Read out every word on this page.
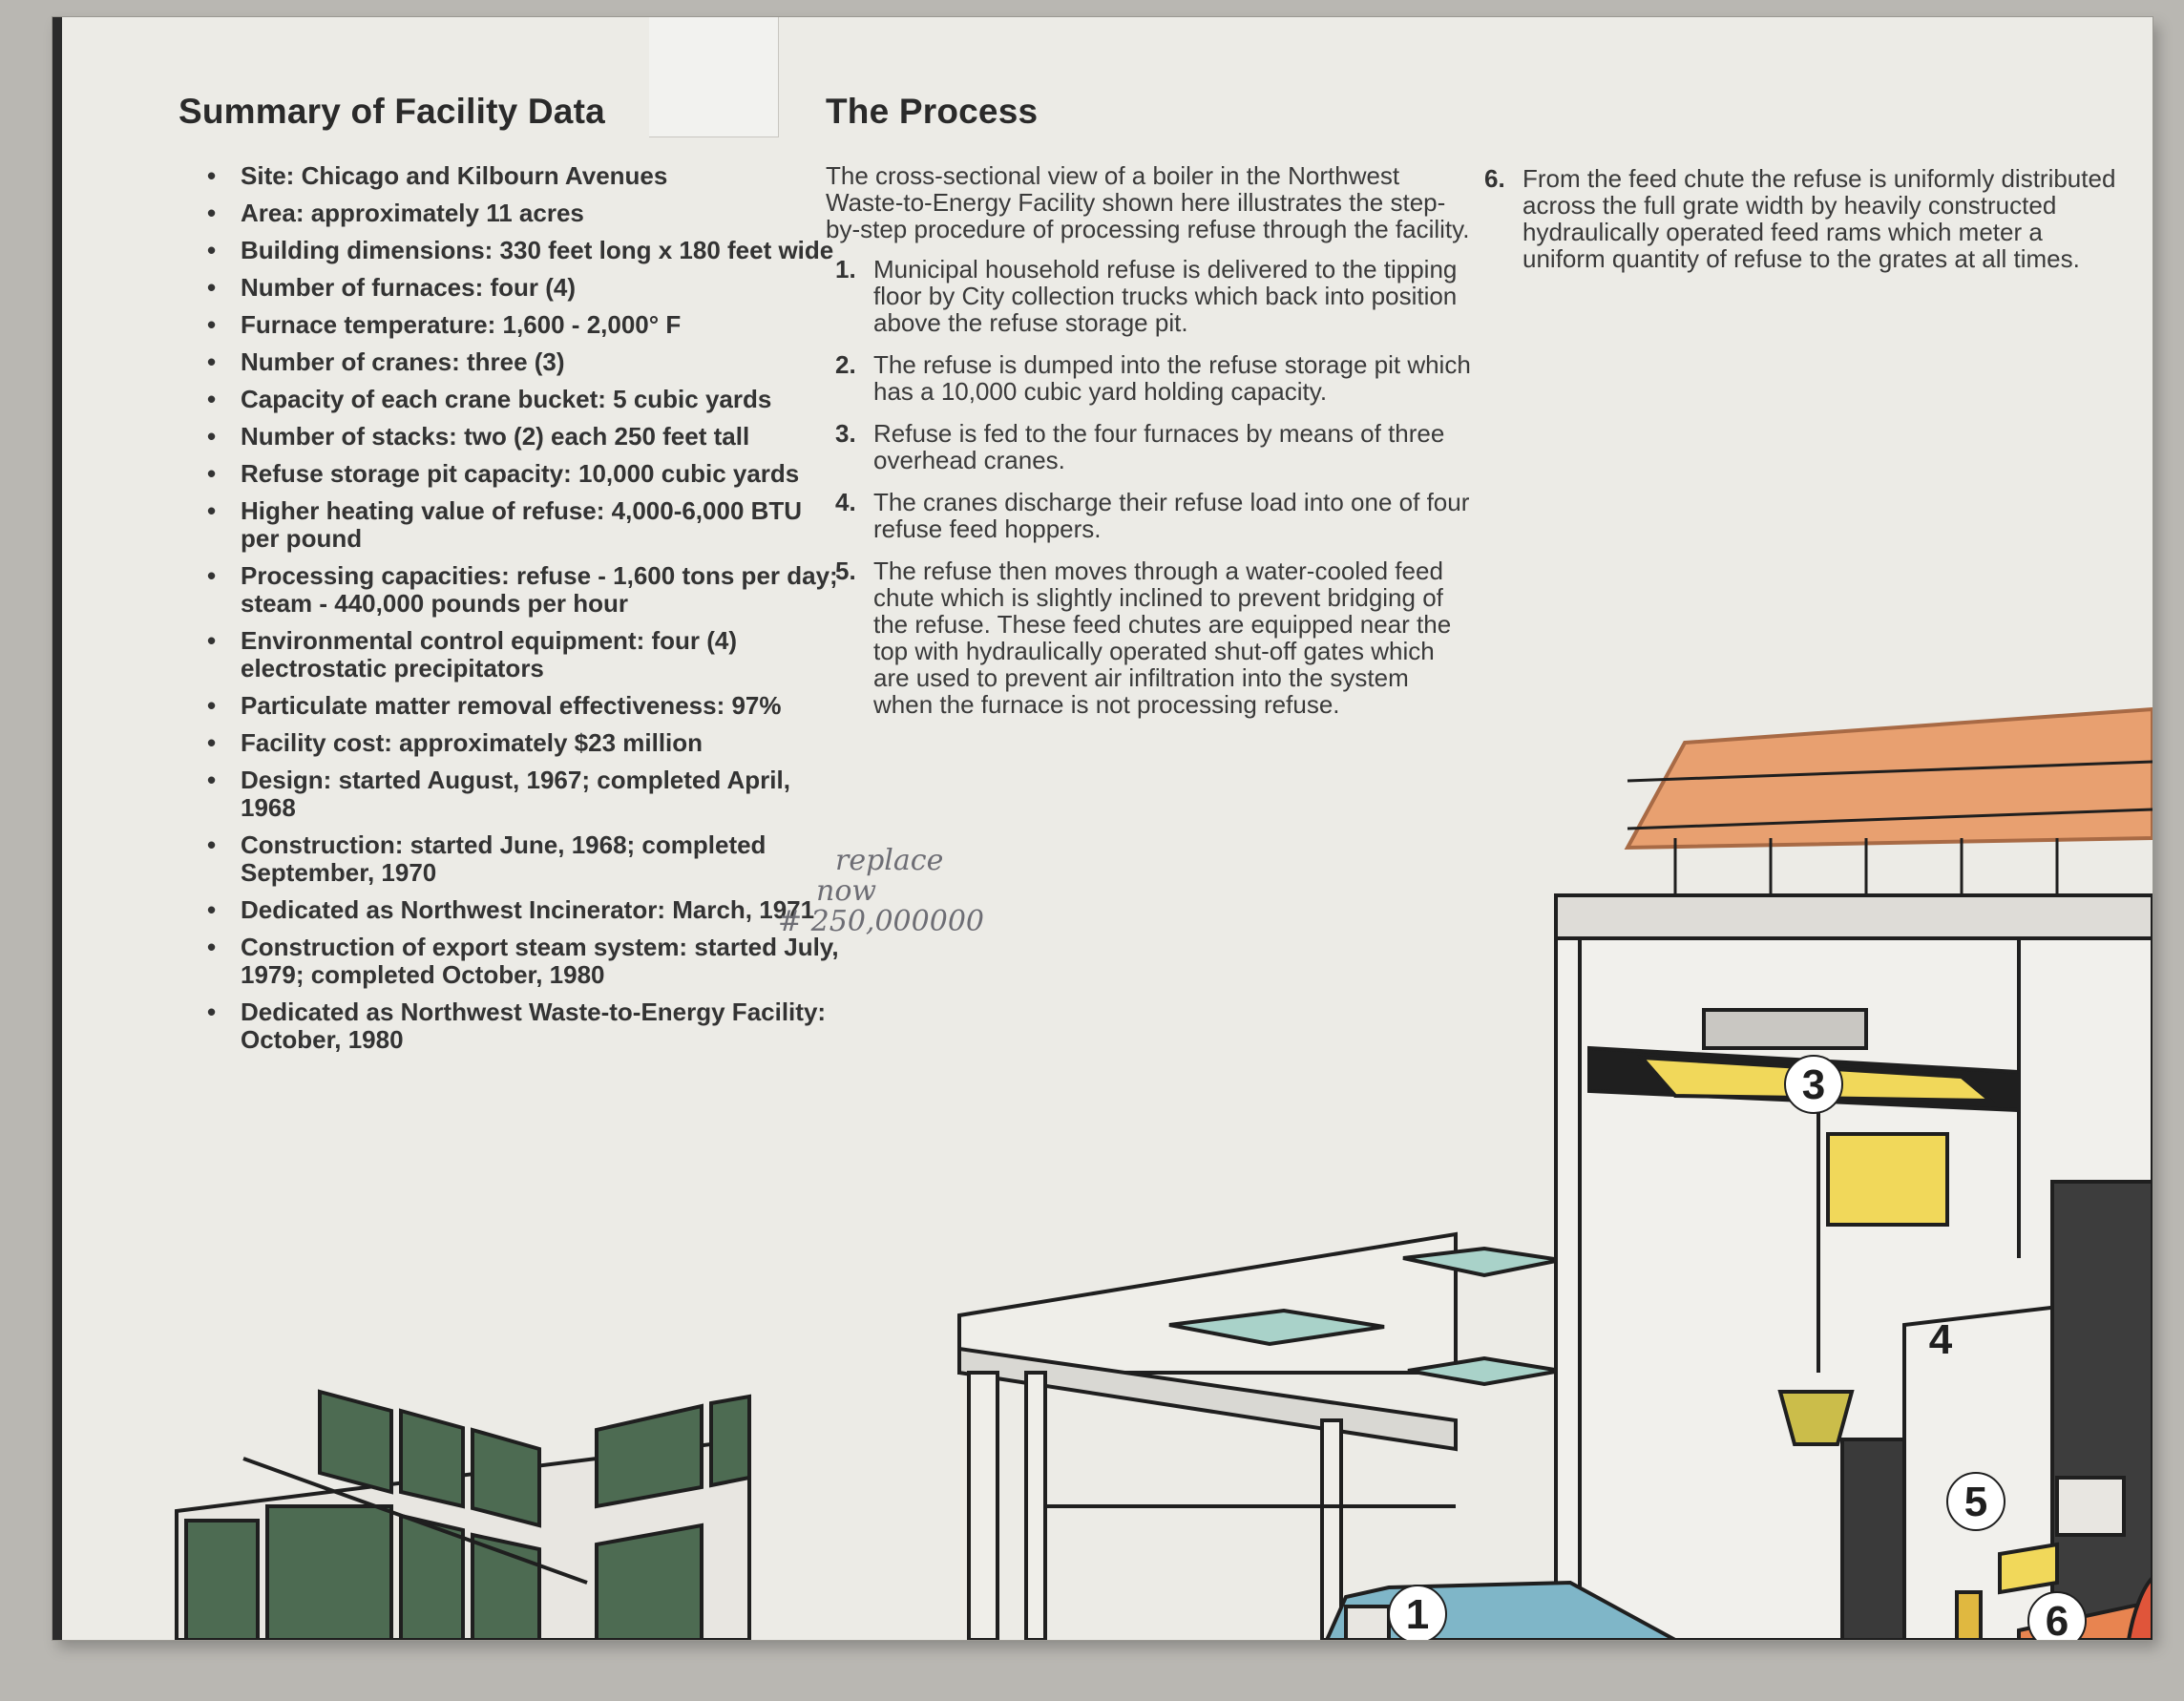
1
3
4
5
6
Summary of Facility Data
• Site: Chicago and Kilbourn Avenues
• Area: approximately 11 acres
• Building dimensions: 330 feet long x 180 feet wide
• Number of furnaces: four (4)
• Furnace temperature: 1,600 - 2,000° F
• Number of cranes: three (3)
• Capacity of each crane bucket: 5 cubic yards
• Number of stacks: two (2) each 250 feet tall
• Refuse storage pit capacity: 10,000 cubic yards
• Higher heating value of refuse: 4,000-6,000 BTU per pound
• Processing capacities: refuse - 1,600 tons per day; steam - 440,000 pounds per hour
• Environmental control equipment: four (4) electrostatic precipitators
• Particulate matter removal effectiveness: 97%
• Facility cost: approximately $23 million
• Design: started August, 1967; completed April, 1968
• Construction: started June, 1968; completed September, 1970
• Dedicated as Northwest Incinerator: March, 1971
• Construction of export steam system: started July, 1979; completed October, 1980
• Dedicated as Northwest Waste-to-Energy Facility: October, 1980
replace
now
# 250,000000
The Process

The cross-sectional view of a boiler in the Northwest Waste-to-Energy Facility shown here illustrates the step-by-step procedure of processing refuse through the facility.

1. Municipal household refuse is delivered to the tipping floor by City collection trucks which back into position above the refuse storage pit.
2. The refuse is dumped into the refuse storage pit which has a 10,000 cubic yard holding capacity.
3. Refuse is fed to the four furnaces by means of three overhead cranes.
4. The cranes discharge their refuse load into one of four refuse feed hoppers.
5. The refuse then moves through a water-cooled feed chute which is slightly inclined to prevent bridging of the refuse. These feed chutes are equipped near the top with hydraulically operated shut-off gates which are used to prevent air infiltration into the system when the furnace is not processing refuse.
6. From the feed chute the refuse is uniformly distributed across the full grate width by heavily constructed hydraulically operated feed rams which meter a uniform quantity of refuse to the grates at all times.
